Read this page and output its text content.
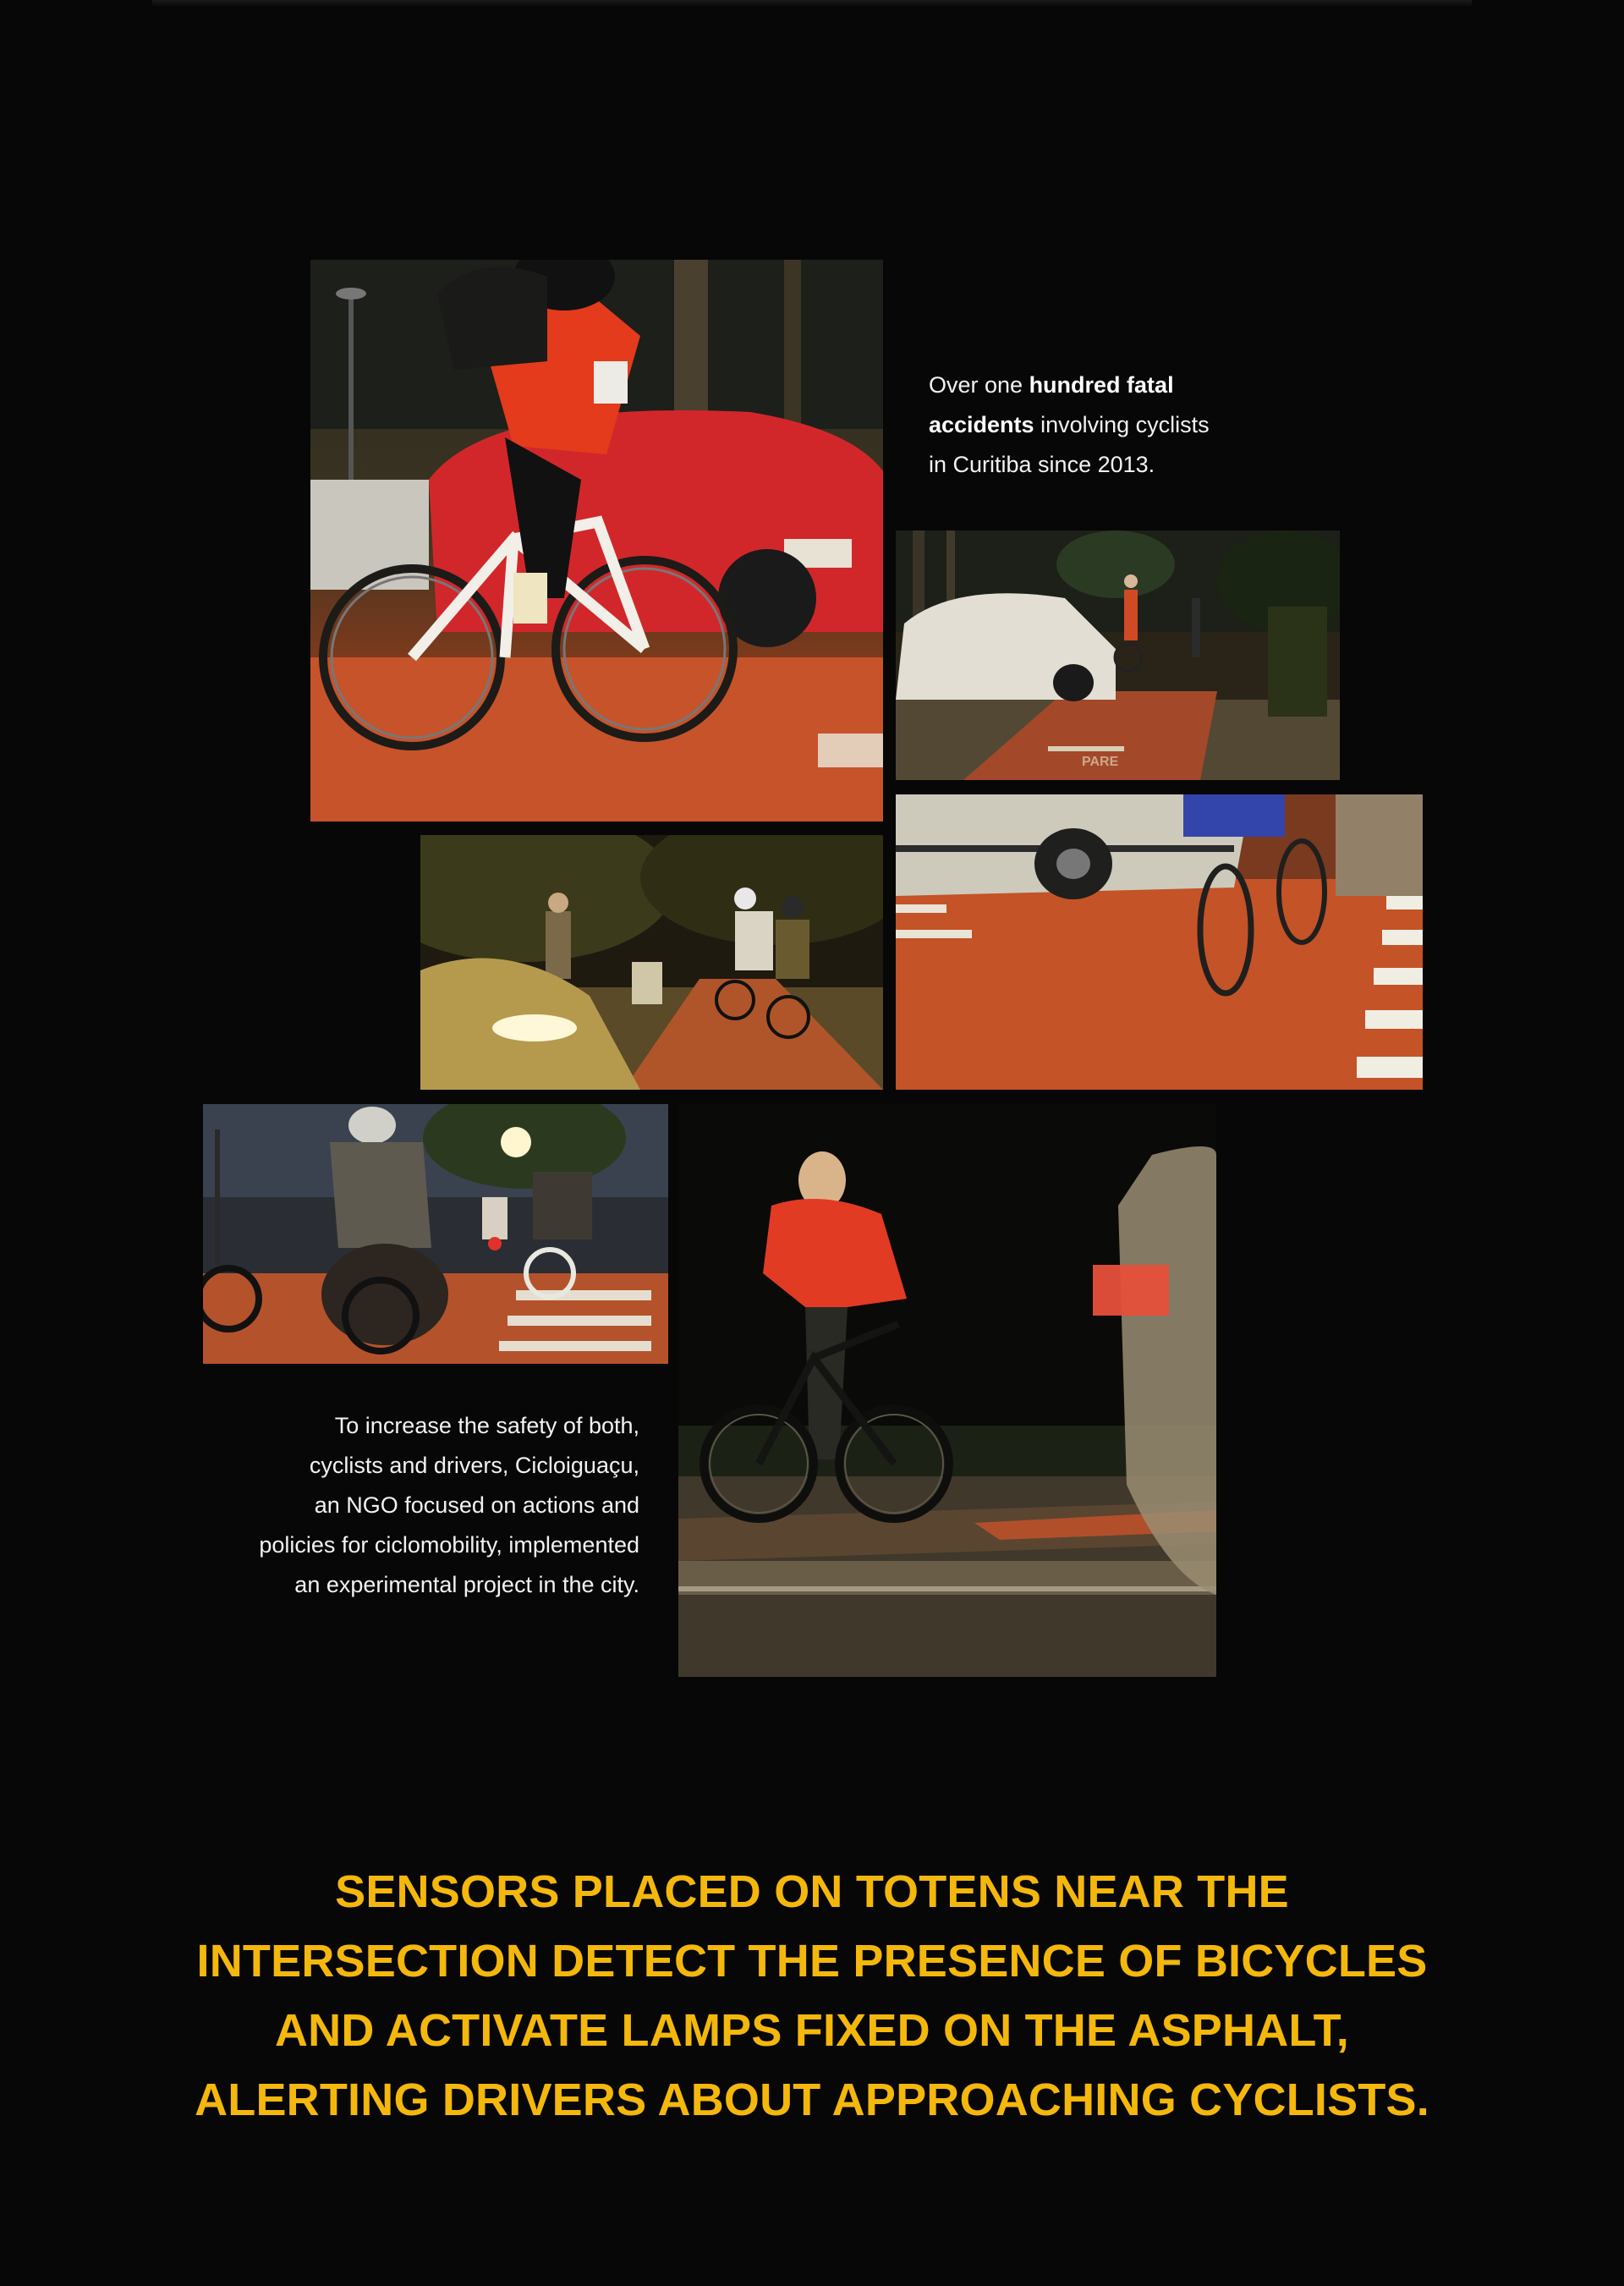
PARE
Over one hundred fatal
accidents involving cyclists
in Curitiba since 2013.
To increase the safety of both,
cyclists and drivers, Cicloiguaçu,
an NGO focused on actions and
policies for ciclomobility, implemented
an experimental project in the city.
SENSORS PLACED ON TOTENS NEAR THE
INTERSECTION DETECT THE PRESENCE OF BICYCLES
AND ACTIVATE LAMPS FIXED ON THE ASPHALT,
ALERTING DRIVERS ABOUT APPROACHING CYCLISTS.
